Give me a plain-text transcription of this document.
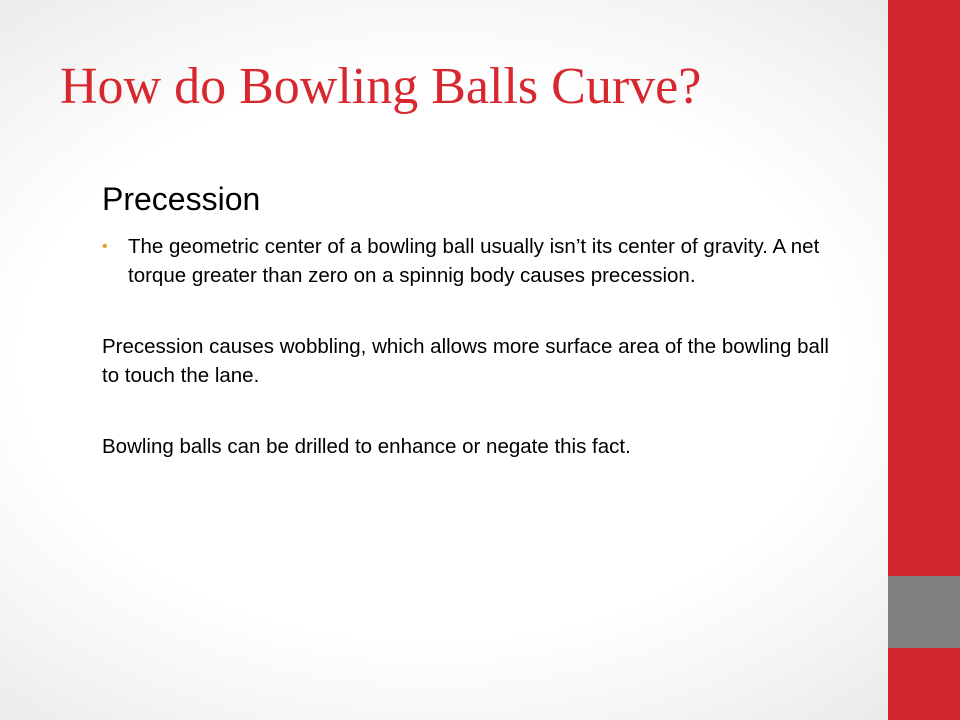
How do Bowling Balls Curve?
Precession
• The geometric center of a bowling ball usually isn’t its center of gravity. A net torque greater than zero on a spinnig body causes precession.
Precession causes wobbling, which allows more surface area of the bowling ball to touch the lane.
Bowling balls can be drilled to enhance or negate this fact.
